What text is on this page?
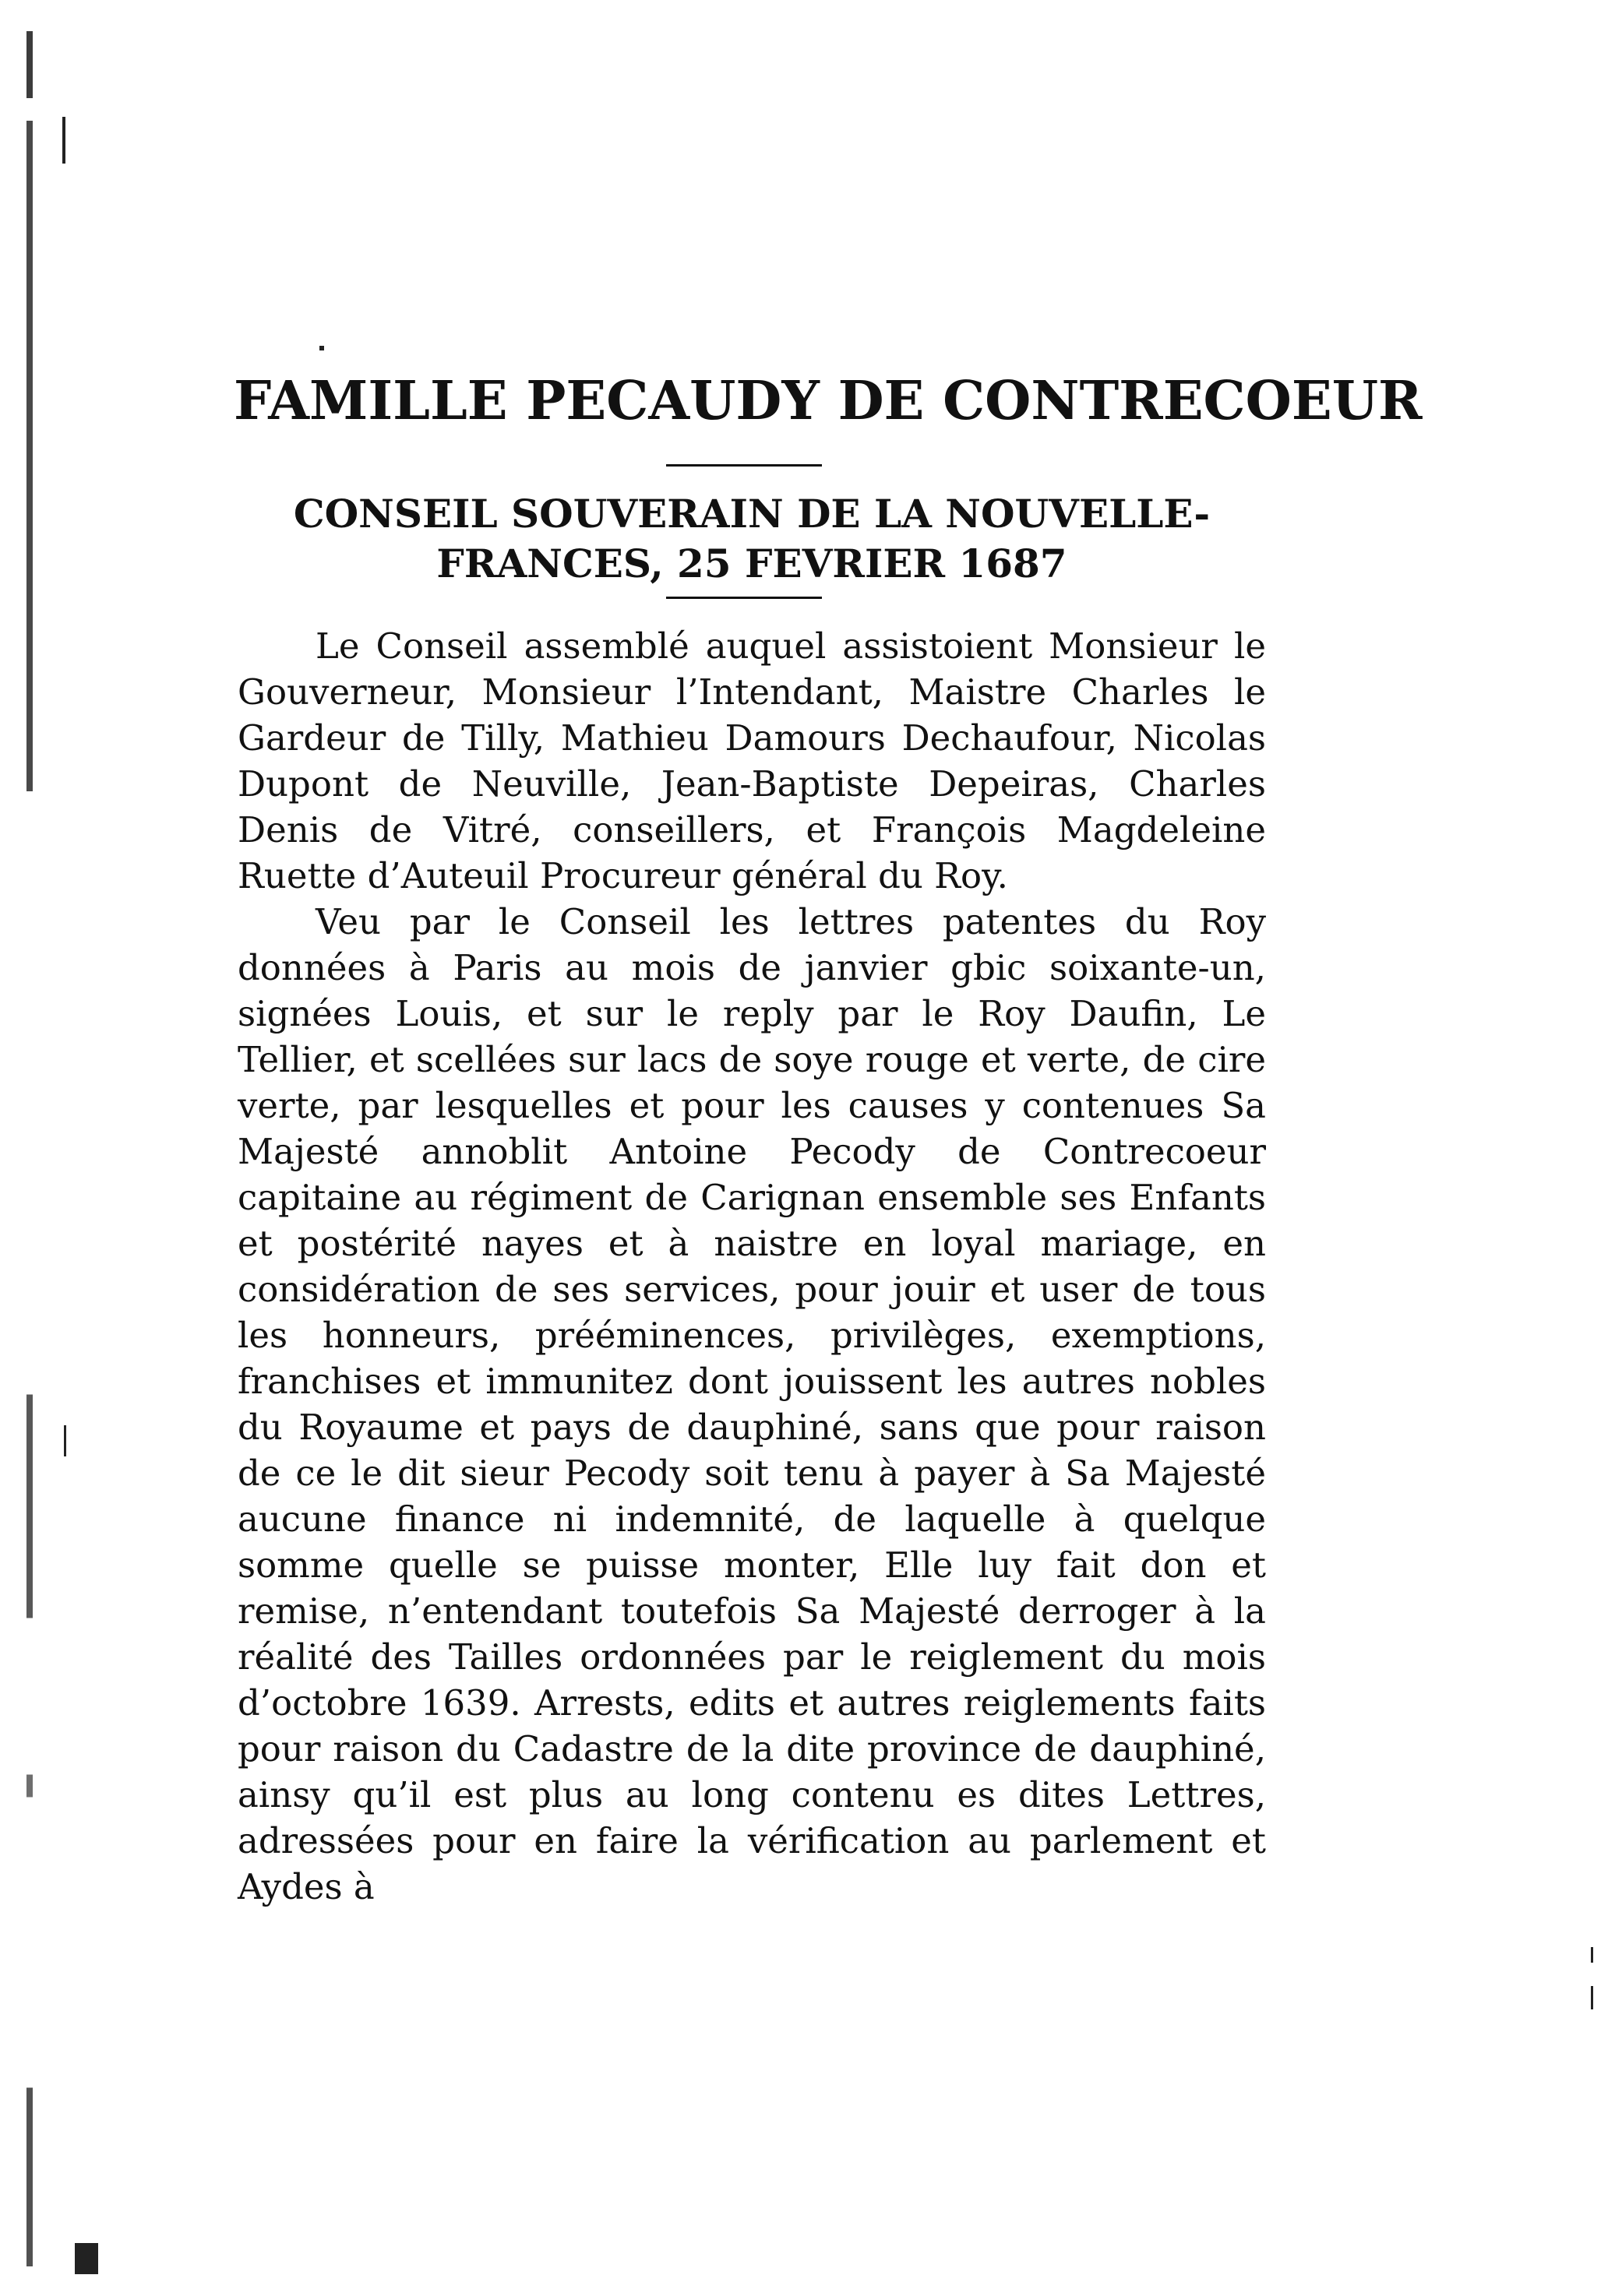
FAMILLE PECAUDY DE CONTRECOEUR
CONSEIL SOUVERAIN DE LA NOUVELLE-FRANCES, 25 FEVRIER 1687

Le Conseil assemblé auquel assistoient Monsieur le Gouverneur, Monsieur l’Intendant, Maistre Charles le Gardeur de Tilly, Mathieu Damours Dechaufour, Nicolas Dupont de Neuville, Jean-Baptiste Depeiras, Charles Denis de Vitré, conseillers, et François Magdeleine Ruette d’Auteuil Procureur général du Roy.

Veu par le Conseil les lettres patentes du Roy données à Paris au mois de janvier gbic soixante-un, signées Louis, et sur le reply par le Roy Daufin, Le Tellier, et scellées sur lacs de soye rouge et verte, de cire verte, par lesquelles et pour les causes y contenues Sa Majesté annoblit Antoine Pecody de Contrecoeur capitaine au régiment de Carignan ensemble ses Enfants et postérité nayes et à naistre en loyal mariage, en considération de ses services, pour jouir et user de tous les honneurs, prééminences, privilèges, exemptions, franchises et immunitez dont jouissent les autres nobles du Royaume et pays de dauphiné, sans que pour raison de ce le dit sieur Pecody soit tenu à payer à Sa Majesté aucune finance ni indemnité, de laquelle à quelque somme quelle se puisse monter, Elle luy fait don et remise, n’entendant toutefois Sa Majesté derroger à la réalité des Tailles ordonnées par le reiglement du mois d’octobre 1639. Arrests, edits et autres reiglements faits pour raison du Cadastre de la dite province de dauphiné, ainsy qu’il est plus au long contenu es dites Lettres, adressées pour en faire la vérification au parlement et Aydes à
